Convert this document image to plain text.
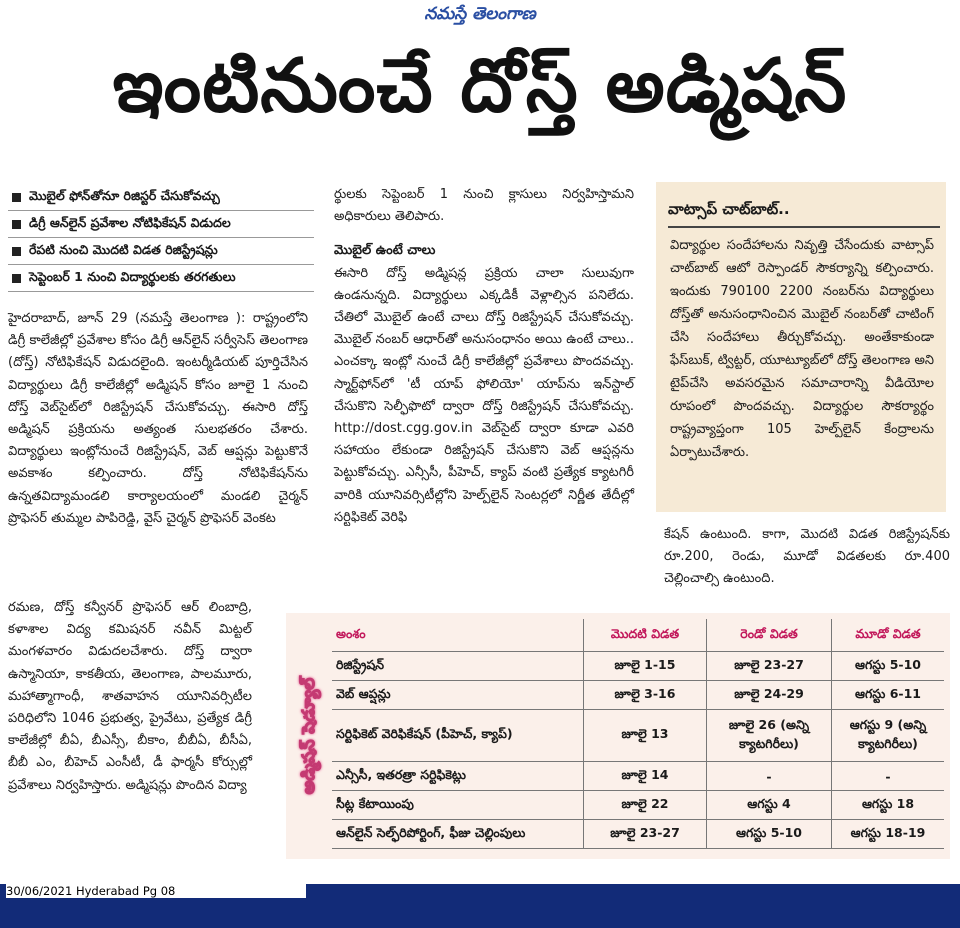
నమస్తే తెలంగాణ
ఇంటినుంచే దోస్త్ అడ్మిషన్
మొబైల్ ఫోన్‌తోనూ రిజిస్టర్ చేసుకోవచ్చు
డిగ్రీ ఆన్‌లైన్ ప్రవేశాల నోటిఫికేషన్ విడుదల
రేపటి నుంచి మొదటి విడత రిజిస్ట్రేషన్లు
సెప్టెంబర్ 1 నుంచి విద్యార్థులకు తరగతులు

హైదరాబాద్, జూన్ 29 (నమస్తే తెలంగాణ ): రాష్ట్రంలోని డిగ్రీ కాలేజీల్లో ప్రవేశాల కోసం డిగ్రీ ఆన్‌లైన్ సర్వీసెస్ తెలంగాణ (దోస్త్) నోటిఫికేషన్ విడుదలైంది. ఇంటర్మీడియట్ పూర్తిచేసిన విద్యార్థులు డిగ్రీ కాలేజీల్లో అడ్మిషన్ కోసం జూలై 1 నుంచి దోస్త్ వెబ్‌సైట్‌లో రిజిస్ట్రేషన్ చేసుకోవచ్చు. ఈసారి దోస్త్ అడ్మిషన్ ప్రక్రియను అత్యంత సులభతరం చేశారు. విద్యార్థులు ఇంట్లోనుంచే రిజిస్ట్రేషన్, వెబ్ ఆప్షన్లు పెట్టుకొనే అవకాశం కల్పించారు. దోస్త్ నోటిఫికేషన్‌ను ఉన్నతవిద్యామండలి కార్యాలయంలో మండలి చైర్మన్ ప్రొఫెసర్ తుమ్మల పాపిరెడ్డి, వైస్ చైర్మన్ ప్రొఫెసర్ వెంకట

రమణ, దోస్త్ కన్వీనర్ ప్రొఫెసర్ ఆర్ లింబాద్రి, కళాశాల విద్య కమిషనర్ నవీన్ మిట్టల్ మంగళవారం విడుదలచేశారు. దోస్త్ ద్వారా ఉస్మానియా, కాకతీయ, తెలంగాణ, పాలమూరు, మహాత్మాగాంధీ, శాతవాహన యూనివర్సిటీల పరిధిలోని 1046 ప్రభుత్వ, ప్రైవేటు, ప్రత్యేక డిగ్రీ కాలేజీల్లో బీఏ, బీఎస్సీ, బీకాం, బీబీఏ, బీసీఏ, బీబీ ఎం, బీహెచ్ ఎంసీటీ, డీ ఫార్మసీ కోర్సుల్లో ప్రవేశాలు నిర్వహిస్తారు. అడ్మిషన్లు పొందిన విద్యా

ర్థులకు సెప్టెంబర్ 1 నుంచి క్లాసులు నిర్వహిస్తామని అధికారులు తెలిపారు.

మొబైల్ ఉంటే చాలు

ఈసారి దోస్త్ అడ్మిషన్ల ప్రక్రియ చాలా సులువుగా ఉండనున్నది. విద్యార్థులు ఎక్కడికీ వెళ్లాల్సిన పనిలేదు. చేతిలో మొబైల్ ఉంటే చాలు దోస్త్ రిజిస్ట్రేషన్ చేసుకోవచ్చు. మొబైల్ నంబర్ ఆధార్‌తో అనుసంధానం అయి ఉంటే చాలు.. ఎంచక్కా ఇంట్లో నుంచే డిగ్రీ కాలేజీల్లో ప్రవేశాలు పొందవచ్చు. స్మార్ట్‌ఫోన్‌లో 'టీ యాప్ ఫోలియో' యాప్‌ను ఇన్‌స్టాల్ చేసుకొని సెల్ఫీఫొటో ద్వారా దోస్త్ రిజిస్ట్రేషన్ చేసుకోవచ్చు. http://dost.cgg.gov.in వెబ్‌సైట్ ద్వారా కూడా ఎవరి సహాయం లేకుండా రిజిస్ట్రేషన్ చేసుకొని వెబ్ ఆప్షన్లను పెట్టుకోవచ్చు. ఎన్సీసీ, పీహెచ్, క్యాప్ వంటి ప్రత్యేక క్యాటగిరీ వారికి యూనివర్సిటీల్లోని హెల్ప్‌లైన్ సెంటర్లలో నిర్ణీత తేదీల్లో సర్టిఫికెట్ వెరిఫి

వాట్సాప్ చాట్‌బాట్..
విద్యార్థుల సందేహాలను నివృత్తి చేసేందుకు వాట్సాప్ చాట్‌బాట్ ఆటో రెస్పాండర్ సౌకర్యాన్ని కల్పించారు. ఇందుకు 790100 2200 నంబర్‌ను విద్యార్థులు దోస్త్‌తో అనుసంధానించిన మొబైల్ నంబర్‌తో చాటింగ్ చేసి సందేహాలు తీర్చుకోవచ్చు. అంతేకాకుండా ఫేస్‌బుక్, ట్విట్టర్, యూట్యూబ్‌లో దోస్త్ తెలంగాణ అని టైప్‌చేసి అవసరమైన సమాచారాన్ని వీడియోల రూపంలో పొందవచ్చు. విద్యార్థుల సౌకర్యార్థం రాష్ట్రవ్యాప్తంగా 105 హెల్ప్‌లైన్ కేంద్రాలను ఏర్పాటుచేశారు.

కేషన్ ఉంటుంది. కాగా, మొదటి విడత రిజిస్ట్రేషన్‌కు రూ.200, రెండు, మూడో విడతలకు రూ.400 చెల్లించాల్సి ఉంటుంది.

అడ్మిషన్ షెడ్యూల్
అంశం	మొదటి విడత	రెండో విడత	మూడో విడత
రిజిస్ట్రేషన్	జూలై 1-15	జూలై 23-27	ఆగస్టు 5-10
వెబ్ ఆప్షన్లు	జూలై 3-16	జూలై 24-29	ఆగస్టు 6-11
సర్టిఫికెట్ వెరిఫికేషన్ (పీహెచ్, క్యాప్)	జూలై 13	జూలై 26 (అన్ని క్యాటగిరీలు)	ఆగస్టు 9 (అన్ని క్యాటగిరీలు)
ఎన్సీసీ, ఇతరత్రా సర్టిఫికెట్లు	జూలై 14	-	-
సీట్ల కేటాయింపు	జూలై 22	ఆగస్టు 4	ఆగస్టు 18
ఆన్‌లైన్ సెల్ఫ్‌రిపోర్టింగ్, ఫీజు చెల్లింపులు	జూలై 23-27	ఆగస్టు 5-10	ఆగస్టు 18-19
30/06/2021 Hyderabad Pg 08
